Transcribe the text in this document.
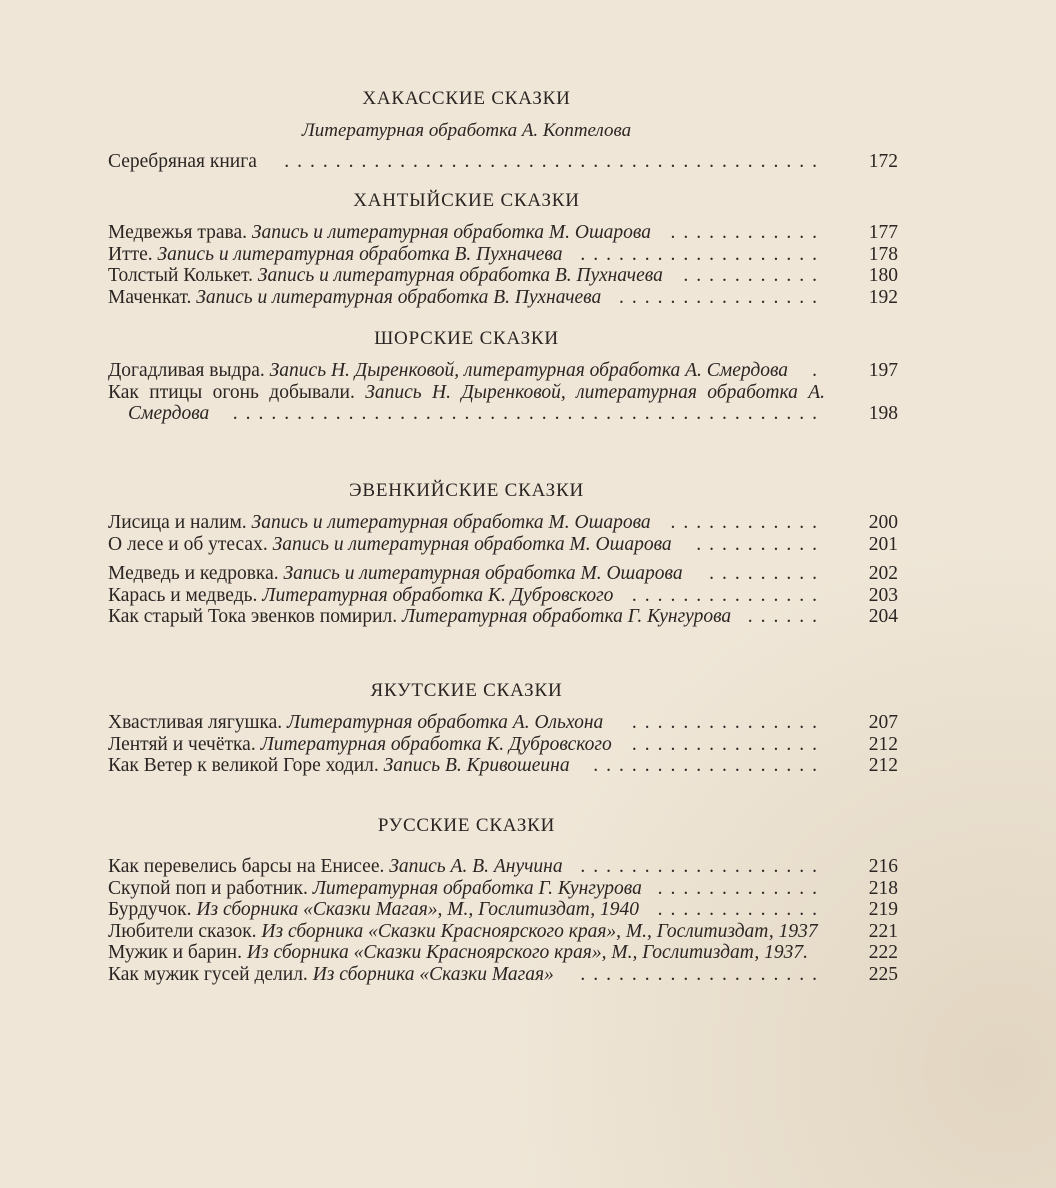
ХАКАССКИЕ СКАЗКИ
Литературная обработка А. Коптелова
Серебряная книга	..........................................	172
ХАНТЫЙСКИЕ СКАЗКИ
Медвежья трава. Запись и литературная обработка М. Ошарова	............	177
Итте. Запись и литературная обработка В. Пухначева ...................	178
Толстый Колькет. Запись и литературная обработка В. Пухначева	...........	180
Маченкат. Запись и литературная обработка В. Пухначева ................	192
ШОРСКИЕ СКАЗКИ
Догадливая выдра. Запись Н. Дыренковой, литературная обработка А. Смердова	.	197
Как птицы огонь добывали. Запись Н. Дыренковой, литературная обработка А. Смердова	..............................................	198
ЭВЕНКИЙСКИЕ СКАЗКИ
Лисица и налим. Запись и литературная обработка М. Ошарова	............	200
О лесе и об утесах. Запись и литературная обработка М. Ошарова	..........	201
Медведь и кедровка. Запись и литературная обработка М. Ошарова	.........	202
Карась и медведь. Литературная обработка К. Дубровского ...............	203
Как старый Тока эвенков помирил. Литературная обработка Г. Кунгурова ......	204
ЯКУТСКИЕ СКАЗКИ
Хвастливая лягушка. Литературная обработка А. Ольхона	...............	207
Лентяй и чечётка. Литературная обработка К. Дубровского	...............	212
Как Ветер к великой Горе ходил. Запись В. Кривошеина	..................	212
РУССКИЕ СКАЗКИ
Как перевелись барсы на Енисее. Запись А. В. Анучина ...................	216
Скупой поп и работник. Литературная обработка Г. Кунгурова .............	218
Бурдучок. Из сборника «Сказки Магая», М., Гослитиздат, 1940 .............	219
Любители сказок. Из сборника «Сказки Красноярского края», М., Гослитиздат, 1937	221
Мужик и барин. Из сборника «Сказки Красноярского края», М., Гослитиздат, 1937.	222
Как мужик гусей делил. Из сборника «Сказки Магая»	...................	225
